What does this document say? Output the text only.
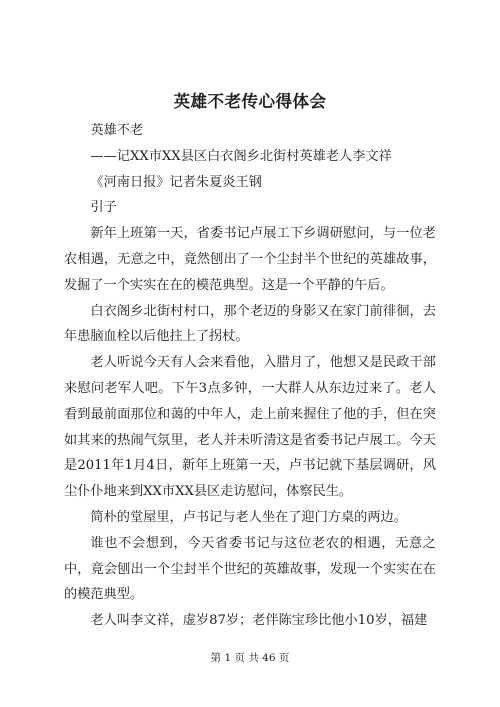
英雄不老传心得体会

英雄不老

——记XX市XX县区白衣阁乡北街村英雄老人李文祥

《河南日报》记者朱夏炎王钢

引子

新年上班第一天，省委书记卢展工下乡调研慰问，与一位老农相遇，无意之中，竟然刨出了一个尘封半个世纪的英雄故事，发掘了一个实实在在的模范典型。这是一个平静的午后。

白衣阁乡北街村村口，那个老迈的身影又在家门前徘徊，去年患脑血栓以后他拄上了拐杖。

老人听说今天有人会来看他，入腊月了，他想又是民政干部来慰问老军人吧。下午3点多钟，一大群人从东边过来了。老人看到最前面那位和蔼的中年人，走上前来握住了他的手，但在突如其来的热闹气氛里，老人并未听清这是省委书记卢展工。今天是2011年1月4日，新年上班第一天，卢书记就下基层调研，风尘仆仆地来到XX市XX县区走访慰问，体察民生。

简朴的堂屋里，卢书记与老人坐在了迎门方桌的两边。

谁也不会想到，今天省委书记与这位老农的相遇，无意之中，竟会刨出一个尘封半个世纪的英雄故事，发现一个实实在在的模范典型。

老人叫李文祥，虚岁87岁；老伴陈宝珍比他小10岁，福建

第 1 页 共 46 页
